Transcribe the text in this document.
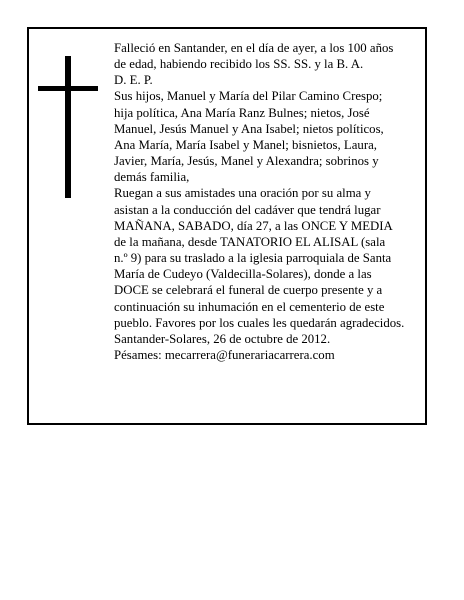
Falleció en Santander, en el día de ayer, a los 100 años

de edad, habiendo recibido los SS. SS. y la B. A.

D. E. P.

Sus hijos, Manuel y María del Pilar Camino Crespo;

hija política, Ana María Ranz Bulnes; nietos, José

Manuel, Jesús Manuel y Ana Isabel; nietos políticos,

Ana María, María Isabel y Manel; bisnietos, Laura,

Javier, María, Jesús, Manel y Alexandra; sobrinos y

demás familia,

Ruegan a sus amistades una oración por su alma y

asistan a la conducción del cadáver que tendrá lugar

MAÑANA, SABADO, día 27, a las ONCE Y MEDIA

de la mañana, desde TANATORIO EL ALISAL (sala

n.º 9) para su traslado a la iglesia parroquiala de Santa

María de Cudeyo (Valdecilla-Solares), donde a las

DOCE se celebrará el funeral de cuerpo presente y a

continuación su inhumación en el cementerio de este

pueblo. Favores por los cuales les quedarán agradecidos.

Santander-Solares, 26 de octubre de 2012.

Pésames: mecarrera@funerariacarrera.com
